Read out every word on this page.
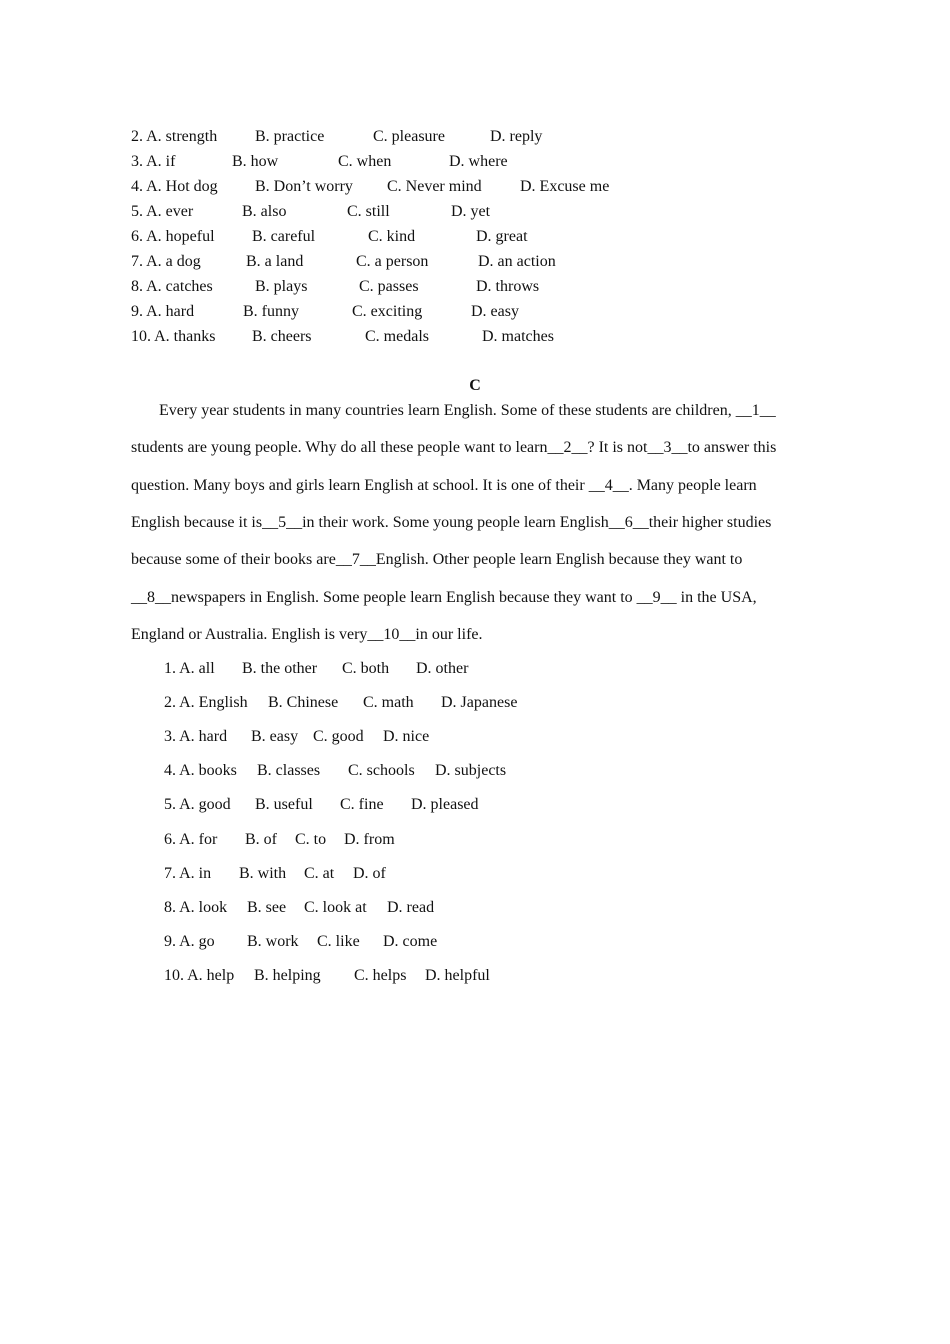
2. A. strength B. practice	C. pleasure	D. reply
3. A. if	B. how	C. when	D. where
4. A. Hot dog B. Don’t worry C. Never mind D. Excuse me
5. A. ever	B. also	C. still	D. yet
6. A. hopeful B. careful	C. kind	D. great
7. A. a dog	B. a land	C. a person	D. an action
8. A. catches	B. plays	C. passes	D. throws
9. A. hard	B. funny	C. exciting	D. easy
10. A. thanks B. cheers	C. medals	D. matches
C
Every year students in many countries learn English. Some of these students are children, __1__
students are young people. Why do all these people want to learn__2__? It is not__3__to answer this
question. Many boys and girls learn English at school. It is one of their __4__. Many people learn
English because it is__5__in their work. Some young people learn English__6__their higher studies
because some of their books are__7__English. Other people learn English because they want to
__8__newspapers in English. Some people learn English because they want to __9__ in the USA,
England or Australia. English is very__10__in our life.
1. A. all B. the other C. both D. other
2. A. English B. Chinese C. math D. Japanese
3. A. hard B. easy C. good D. nice
4. A. books B. classes C. schools D. subjects
5. A. good B. useful C. fine D. pleased
6. A. for B. of C. to D. from
7. A. in B. with C. at D. of
8. A. look B. see C. look at D. read
9. A. go B. work C. like D. come
10. A. help B. helping C. helps D. helpful
